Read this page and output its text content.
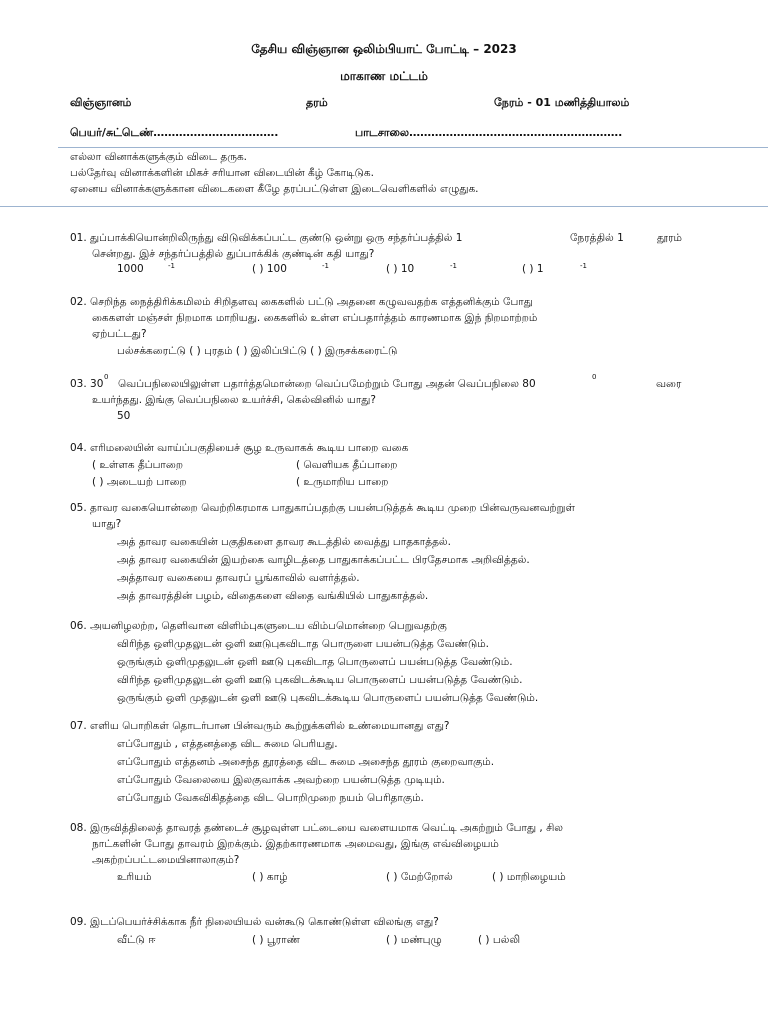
தேசிய விஞ்ஞான ஒலிம்பியாட் போட்டி – 2023
மாகாண மட்டம்
விஞ்ஞானம்	தரம்	நேரம் - 01 மணித்தியாலம்
பெயர்/சுட்டெண்…………………………….	பாடசாலை………………………………………………….
எல்லா வினாக்களுக்கும் விடை தருக.
பல்தேர்வு வினாக்களின் மிகச் சரியான விடையின் கீழ் கோடிடுக.
ஏனைய வினாக்களுக்கான விடைகளை கீழே தரப்பட்டுள்ள இடைவெளிகளில் எழுதுக.
01. துப்பாக்கியொன்றிலிருந்து விடுவிக்கப்பட்ட குண்டு ஒன்று ஒரு சந்தர்ப்பத்தில் 1	நேரத்தில் 1	தூரம்
சென்றது. இச் சந்தர்ப்பத்தில் துப்பாக்கிக் குண்டின் கதி யாது?
1000	-1	( ) 100	-1	( ) 10	-1	( ) 1	-1
02. செறிந்த நைத்திரிக்கமிலம் சிறிதளவு கைகளில் பட்டு அதனை கழுவவதற்க எத்தனிக்கும் போது
கைகளள் மஞ்சள் நிறமாக மாறியது. கைகளில் உள்ள எப்பதார்த்தம் காரணமாக இந் நிறமாற்றம்
ஏற்பட்டது?
பல்சக்கரைட்டு ( ) புரதம் ( ) இலிப்பிட்டு ( ) இருசக்கரைட்டு
03. 30
0
வெப்பநிலையிலுள்ள பதார்த்தமொன்றை வெப்பமேற்றும் போது அதன் வெப்பநிலை 80
0
வரை
உயர்ந்தது. இங்கு வெப்பநிலை உயர்ச்சி, கெல்வினில் யாது?
50
04. எரிமலையின் வாய்ப்பகுதியைச் சூழ உருவாகக் கூடிய பாறை வகை
( உள்ளக தீப்பாறை	( வெளியக தீப்பாறை
( ) அடையற் பாறை	( உருமாறிய பாறை
05. தாவர வகையொன்றை வெற்றிகரமாக பாதுகாப்பதற்கு பயன்படுத்தக் கூடிய முறை பின்வருவனவற்றுள்
யாது?
அத் தாவர வகையின் பகுதிகளை தாவர கூடத்தில் வைத்து பாதகாத்தல்.
அத் தாவர வகையின் இயற்கை வாழிடத்தை பாதுகாக்கப்பட்ட பிரதேசமாக அறிவித்தல்.
அத்தாவர வகையை தாவரப் பூங்காவில் வளர்த்தல்.
அத் தாவரத்தின் பழம், விதைகளை விதை வங்கியில் பாதுகாத்தல்.
06. அயனிழலற்ற, தெளிவான விளிம்புகளுடைய விம்பமொன்றை பெறுவதற்கு
விரிந்த ஒளிமுதலுடன் ஒளி ஊடுபுகவிடாத பொருளை பயன்படுத்த வேண்டும்.
ஒருங்கும் ஒளிமுதலுடன் ஒளி ஊடு புகவிடாத பொருளைப் பயன்படுத்த வேண்டும்.
விரிந்த ஒளிமுதலுடன் ஒளி ஊடு புகவிடக்கூடிய பொருளைப் பயன்படுத்த வேண்டும்.
ஒருங்கும் ஒளி முதலுடன் ஒளி ஊடு புகவிடக்கூடிய பொருளைப் பயன்படுத்த வேண்டும்.
07. எளிய பொறிகள் தொடர்பான பின்வரும் கூற்றுக்களில் உண்மையானது எது?
எப்போதும் , எத்தனத்தை விட சுமை பெரியது.
எப்போதும் எத்தனம் அசைந்த தூரத்தை விட சுமை அசைந்த தூரம் குறைவாகும்.
எப்போதும் வேலையை இலகுவாக்க அவற்றை பயன்படுத்த முடியும்.
எப்போதும் வேகவிகிதத்தை விட பொறிமுறை நயம் பெரிதாகும்.
08. இருவித்திலைத் தாவரத் தண்டைச் சூழவுள்ள பட்டையை வளையமாக வெட்டி அகற்றும் போது , சில
நாட்களின் போது தாவரம் இறக்கும். இதற்காரணமாக அமைவது, இங்கு எவ்விழையம்
அகற்றப்பட்டமையினாலாகும்?
உரியம்	( ) காழ்	( ) மேற்றோல்	( ) மாறிழையம்
09. இடப்பெயர்ச்சிக்காக நீர் நிலையியல் வன்கூடு கொண்டுள்ள விலங்கு எது?
வீட்டு ஈ	( ) பூராண்	( ) மண்புழு	( ) பல்லி
